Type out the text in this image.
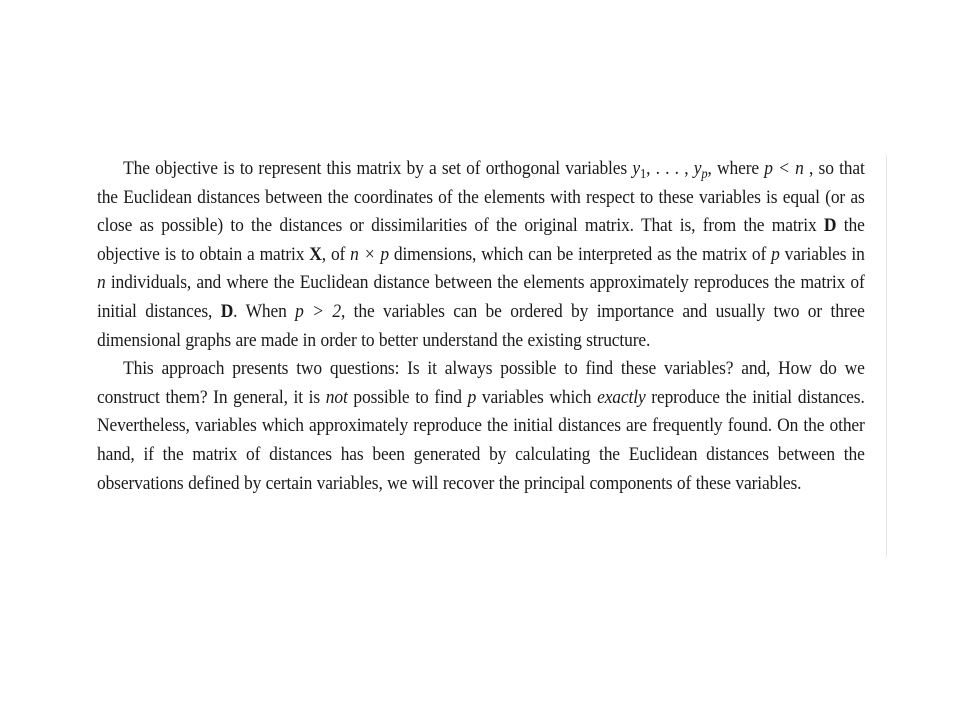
The objective is to represent this matrix by a set of orthogonal variables $y_1$, . . . , $y_p$, where p < n , so that the Euclidean distances between the coordinates of the elements with respect to these variables is equal (or as close as possible) to the distances or dissimilarities of the original matrix. That is, from the matrix D the objective is to obtain a matrix X, of n × p dimensions, which can be interpreted as the matrix of p variables in n individuals, and where the Euclidean distance between the elements approximately reproduces the matrix of initial distances, D. When p > 2, the variables can be ordered by importance and usually two or three dimensional graphs are made in order to better understand the existing structure.

This approach presents two questions: Is it always possible to find these variables? and, How do we construct them? In general, it is not possible to find p variables which exactly reproduce the initial distances. Nevertheless, variables which approximately reproduce the initial distances are frequently found. On the other hand, if the matrix of distances has been generated by calculating the Euclidean distances between the observations defined by certain variables, we will recover the principal components of these variables.
